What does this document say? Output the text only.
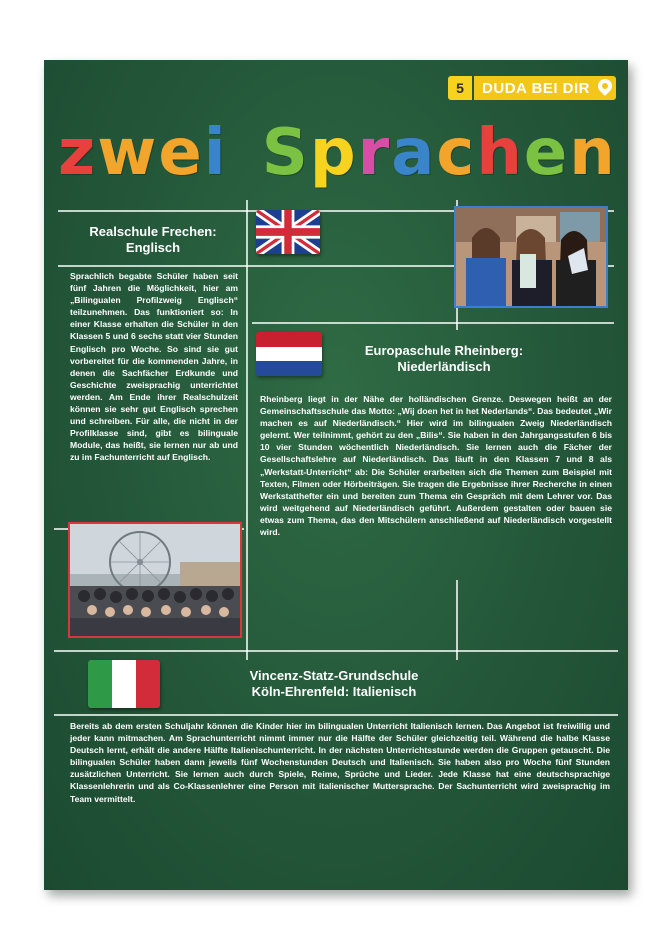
5	DUDA BEI DIR
zwei Sprachen
Realschule Frechen:
Englisch

Sprachlich begabte Schüler haben seit fünf Jahren die Möglichkeit, hier am „Bilingualen Profilzweig Englisch“ teilzunehmen. Das funktioniert so: In einer Klasse erhalten die Schüler in den Klassen 5 und 6 sechs statt vier Stunden Englisch pro Woche. So sind sie gut vorbereitet für die kommenden Jahre, in denen die Sachfächer Erdkunde und Geschichte zweisprachig unterrichtet werden. Am Ende ihrer Realschulzeit können sie sehr gut Englisch sprechen und schreiben. Für alle, die nicht in der Profilklasse sind, gibt es bilinguale Module, das heißt, sie lernen nur ab und zu im Fachunterricht auf Englisch.

Europaschule Rheinberg:
Niederländisch

Rheinberg liegt in der Nähe der holländischen Grenze. Deswegen heißt an der Gemeinschaftsschule das Motto: „Wij doen het in het Nederlands“. Das bedeutet „Wir machen es auf Niederländisch.“ Hier wird im bilingualen Zweig Niederländisch gelernt. Wer teilnimmt, gehört zu den „Bilis“. Sie haben in den Jahrgangsstufen 6 bis 10 vier Stunden wöchentlich Niederländisch. Sie lernen auch die Fächer der Gesellschaftslehre auf Niederländisch. Das läuft in den Klassen 7 und 8 als „Werkstatt-Unterricht“ ab: Die Schüler erarbeiten sich die Themen zum Beispiel mit Texten, Filmen oder Hörbeiträgen. Sie tragen die Ergebnisse ihrer Recherche in einen Werkstatthefter ein und bereiten zum Thema ein Gespräch mit dem Lehrer vor. Das wird weitgehend auf Niederländisch geführt. Außerdem gestalten oder bauen sie etwas zum Thema, das den Mitschülern anschließend auf Niederländisch vorgestellt wird.

Vincenz-Statz-Grundschule
Köln-Ehrenfeld: Italienisch

Bereits ab dem ersten Schuljahr können die Kinder hier im bilingualen Unterricht Italienisch lernen. Das Angebot ist freiwillig und jeder kann mitmachen. Am Sprachunterricht nimmt immer nur die Hälfte der Schüler gleichzeitig teil. Während die halbe Klasse Deutsch lernt, erhält die andere Hälfte Italienischunterricht. In der nächsten Unterrichtsstunde werden die Gruppen getauscht. Die bilingualen Schüler haben dann jeweils fünf Wochenstunden Deutsch und Italienisch. Sie haben also pro Woche fünf Stunden zusätzlichen Unterricht. Sie lernen auch durch Spiele, Reime, Sprüche und Lieder. Jede Klasse hat eine deutschsprachige Klassenlehrerin und als Co-Klassenlehrer eine Person mit italienischer Muttersprache. Der Sachunterricht wird zweisprachig im Team vermittelt.
